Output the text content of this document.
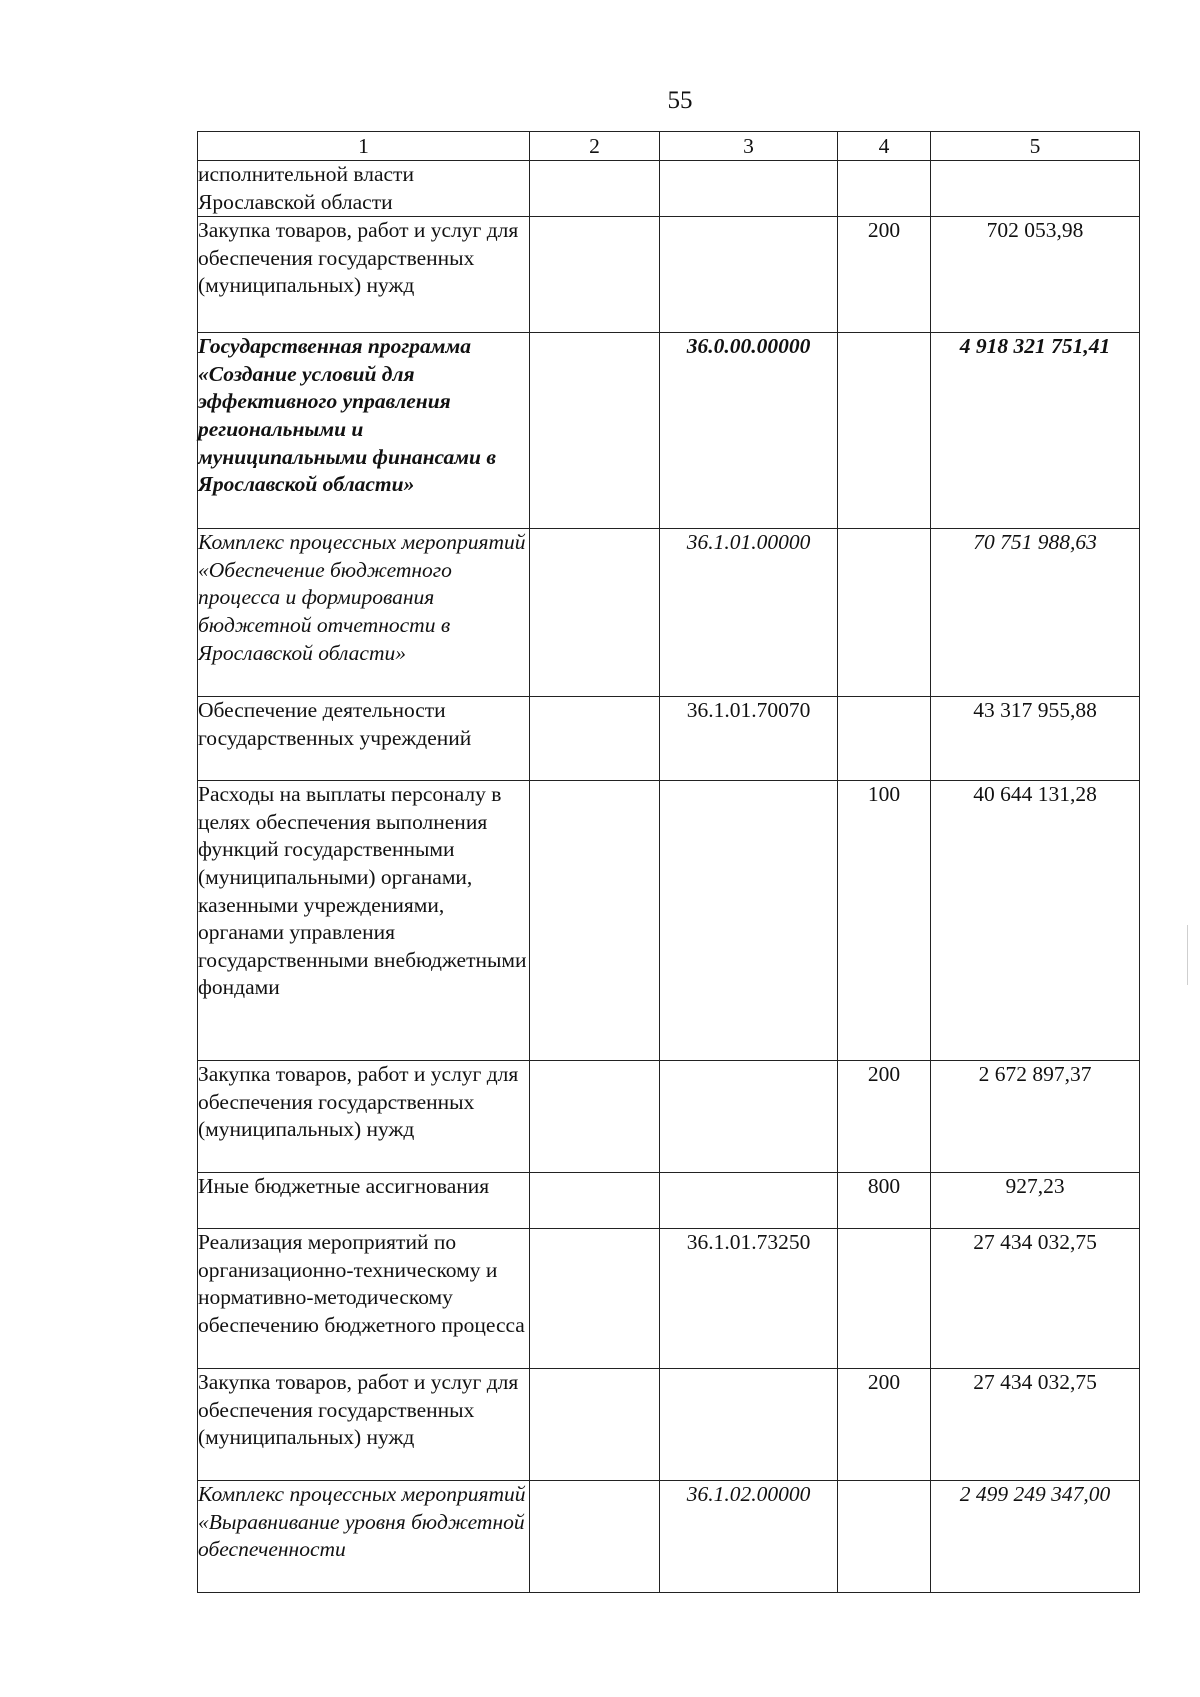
55
1	2	3	4	5
исполнительной власти Ярославской области				
Закупка товаров, работ и услуг для обеспечения государственных (муниципальных) нужд			200	702 053,98
Государственная программа «Создание условий для эффективного управления региональными и муниципальными финансами в Ярославской области»		36.0.00.00000		4 918 321 751,41
Комплекс процессных мероприятий «Обеспечение бюджетного процесса и формирования бюджетной отчетности в Ярославской области»		36.1.01.00000		70 751 988,63
Обеспечение деятельности государственных учреждений		36.1.01.70070		43 317 955,88
Расходы на выплаты персоналу в целях обеспечения выполнения функций государственными (муниципальными) органами, казенными учреждениями, органами управления государственными внебюджетными фондами			100	40 644 131,28
Закупка товаров, работ и услуг для обеспечения государственных (муниципальных) нужд			200	2 672 897,37
Иные бюджетные ассигнования			800	927,23
Реализация мероприятий по организационно-техническому и нормативно-методическому обеспечению бюджетного процесса		36.1.01.73250		27 434 032,75
Закупка товаров, работ и услуг для обеспечения государственных (муниципальных) нужд			200	27 434 032,75
Комплекс процессных мероприятий «Выравнивание уровня бюджетной обеспеченности		36.1.02.00000		2 499 249 347,00
